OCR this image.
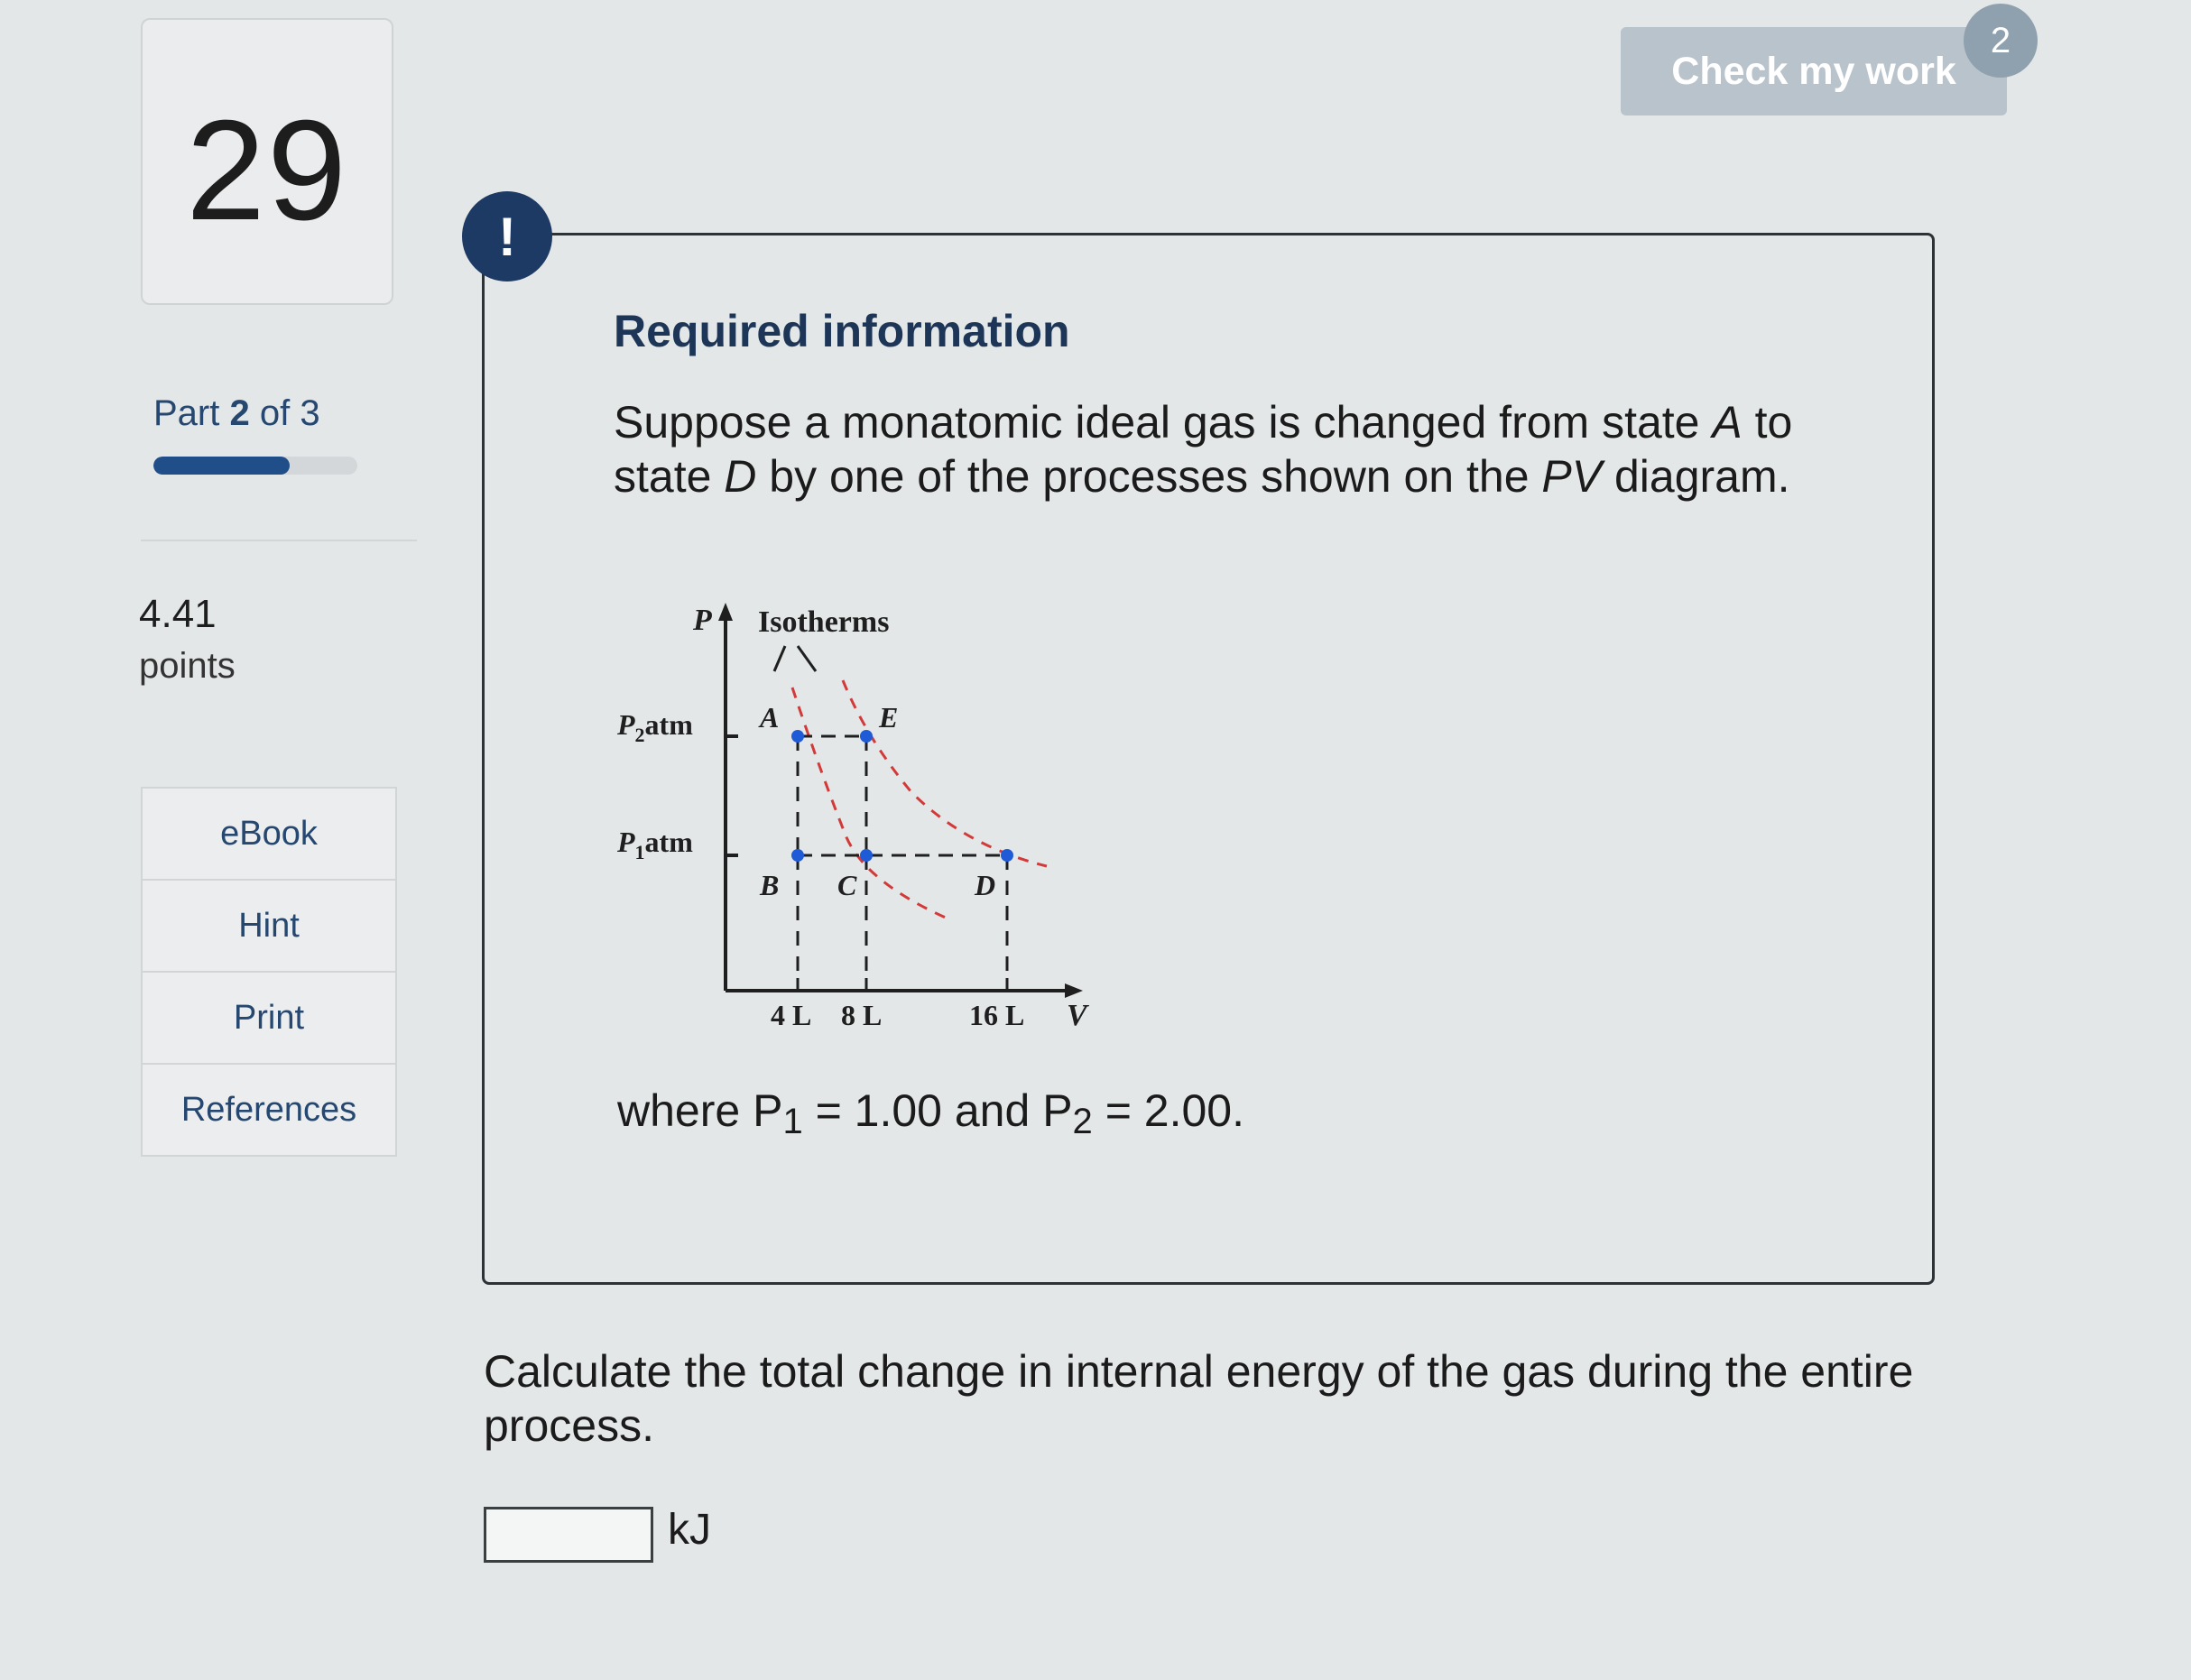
29
Part 2 of 3
4.41
points
eBook
Hint
Print
References
Check my work
2
!
Required information
Suppose a monatomic ideal gas is changed from state A to state D by one of the processes shown on the PV diagram.
P
V
Isotherms
$P_2atm$
$P_1atm$
A
B C	D
E
4 L 8 L	16 L
where $P_1 = 1.00$ and $P_2 = 2.00$.
Calculate the total change in internal energy of the gas during the entire process.
kJ
